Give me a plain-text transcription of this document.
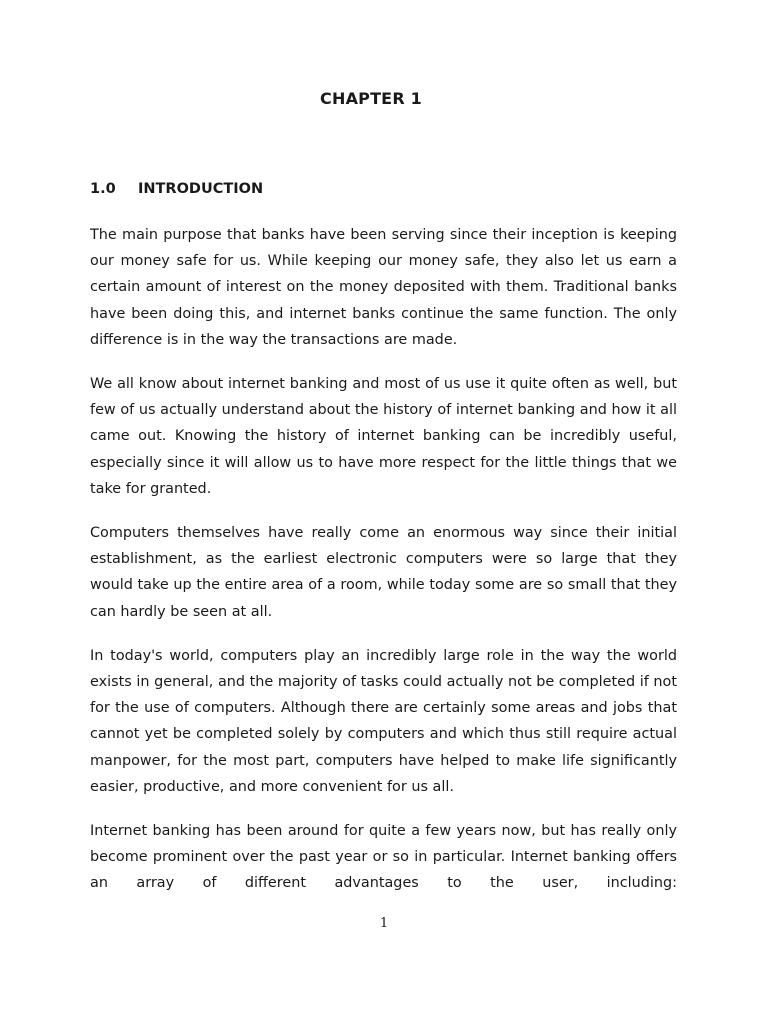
CHAPTER 1
1.0 INTRODUCTION

The main purpose that banks have been serving since their inception is keeping our money safe for us. While keeping our money safe, they also let us earn a certain amount of interest on the money deposited with them. Traditional banks have been doing this, and internet banks continue the same function. The only difference is in the way the transactions are made.

We all know about internet banking and most of us use it quite often as well, but few of us actually understand about the history of internet banking and how it all came out. Knowing the history of internet banking can be incredibly useful, especially since it will allow us to have more respect for the little things that we take for granted.

Computers themselves have really come an enormous way since their initial establishment, as the earliest electronic computers were so large that they would take up the entire area of a room, while today some are so small that they can hardly be seen at all.

In today's world, computers play an incredibly large role in the way the world exists in general, and the majority of tasks could actually not be completed if not for the use of computers. Although there are certainly some areas and jobs that cannot yet be completed solely by computers and which thus still require actual manpower, for the most part, computers have helped to make life significantly easier, productive, and more convenient for us all.

Internet banking has been around for quite a few years now, but has really only become prominent over the past year or so in particular. Internet banking offers an array of different advantages to the user, including:

1
